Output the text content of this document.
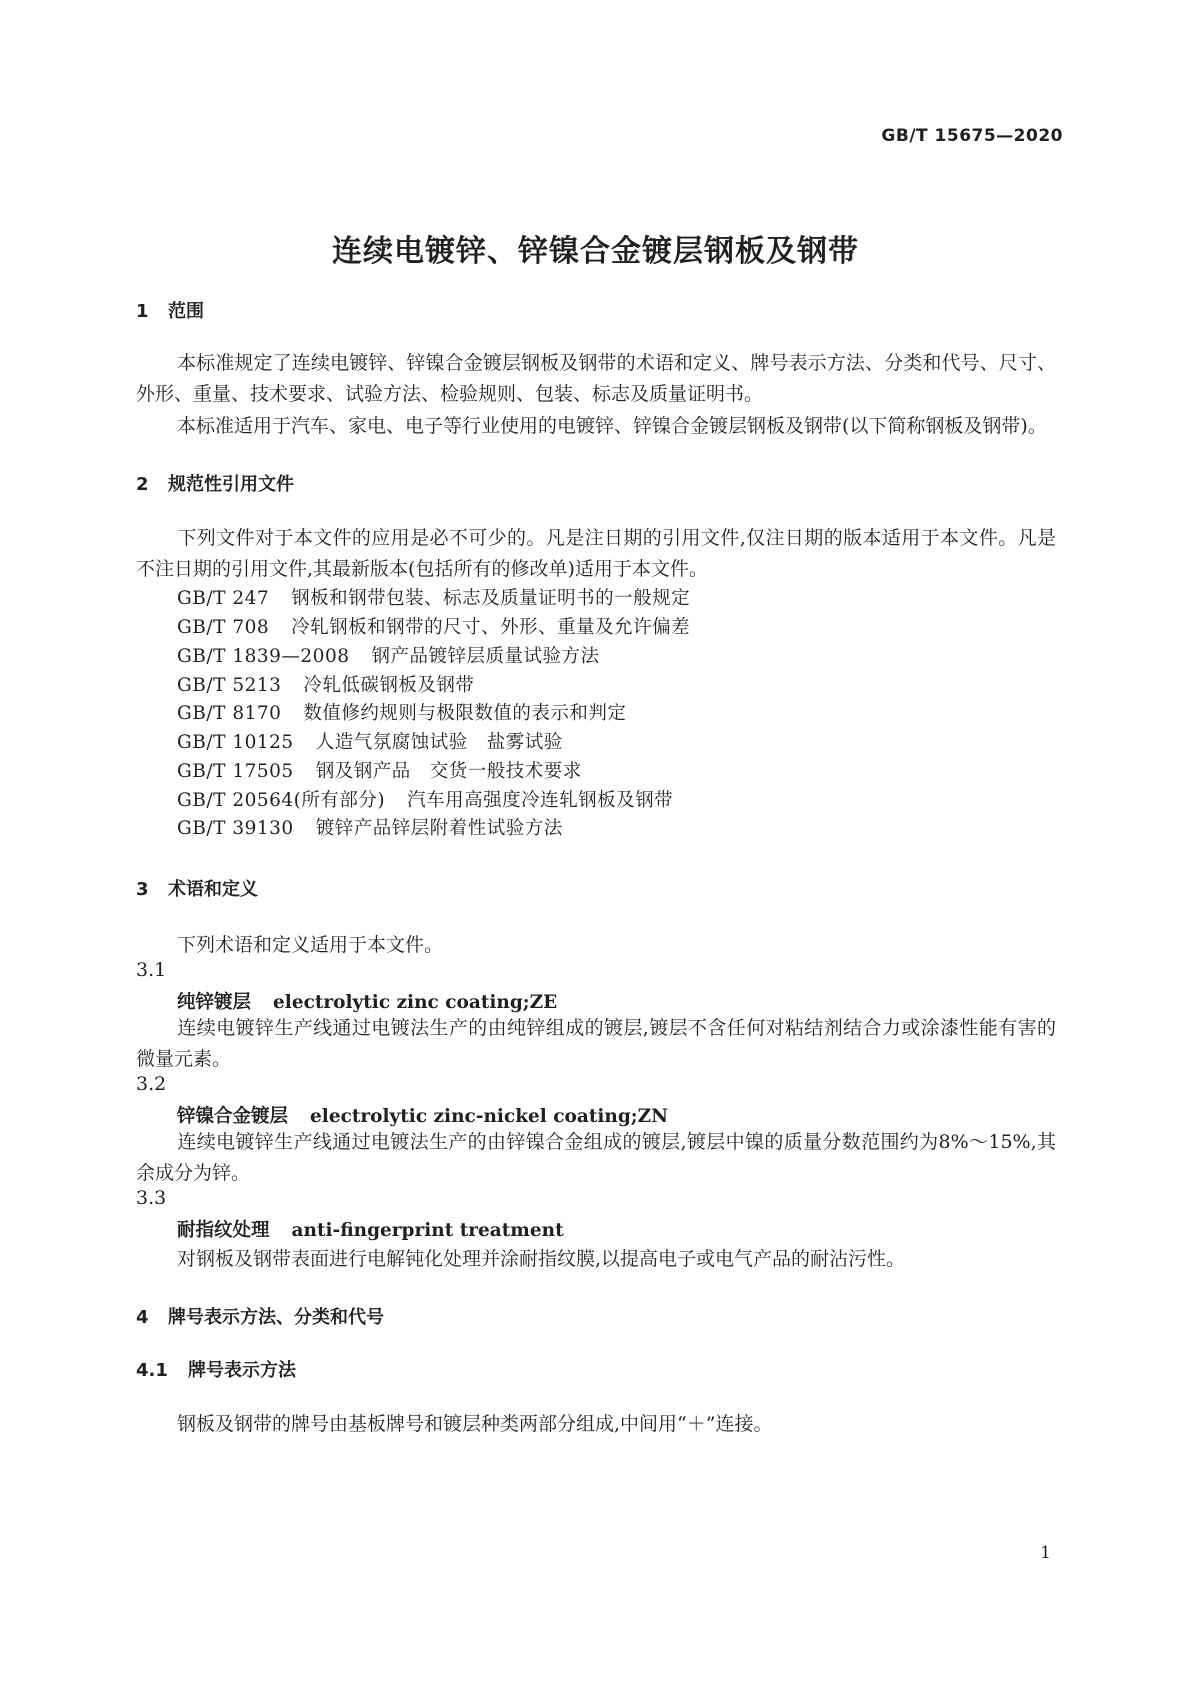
GB/T 15675—2020
连续电镀锌、锌镍合金镀层钢板及钢带
1 范围
本标准规定了连续电镀锌、锌镍合金镀层钢板及钢带的术语和定义、牌号表示方法、分类和代号、尺寸、外形、重量、技术要求、试验方法、检验规则、包装、标志及质量证明书。
本标准适用于汽车、家电、电子等行业使用的电镀锌、锌镍合金镀层钢板及钢带(以下简称钢板及钢带)。
2 规范性引用文件
下列文件对于本文件的应用是必不可少的。凡是注日期的引用文件,仅注日期的版本适用于本文件。凡是不注日期的引用文件,其最新版本(包括所有的修改单)适用于本文件。
GB/T 247 钢板和钢带包装、标志及质量证明书的一般规定
GB/T 708 冷轧钢板和钢带的尺寸、外形、重量及允许偏差
GB/T 1839—2008 钢产品镀锌层质量试验方法
GB/T 5213 冷轧低碳钢板及钢带
GB/T 8170 数值修约规则与极限数值的表示和判定
GB/T 10125 人造气氛腐蚀试验　盐雾试验
GB/T 17505 钢及钢产品　交货一般技术要求
GB/T 20564(所有部分) 汽车用高强度冷连轧钢板及钢带
GB/T 39130 镀锌产品锌层附着性试验方法
3 术语和定义
下列术语和定义适用于本文件。
3.1
纯锌镀层 electrolytic zinc coating;ZE
连续电镀锌生产线通过电镀法生产的由纯锌组成的镀层,镀层不含任何对粘结剂结合力或涂漆性能有害的微量元素。
3.2
锌镍合金镀层 electrolytic zinc-nickel coating;ZN
连续电镀锌生产线通过电镀法生产的由锌镍合金组成的镀层,镀层中镍的质量分数范围约为8%～15%,其余成分为锌。
3.3
耐指纹处理 anti-fingerprint treatment
对钢板及钢带表面进行电解钝化处理并涂耐指纹膜,以提高电子或电气产品的耐沾污性。
4 牌号表示方法、分类和代号
4.1 牌号表示方法
钢板及钢带的牌号由基板牌号和镀层种类两部分组成,中间用“＋”连接。
1
